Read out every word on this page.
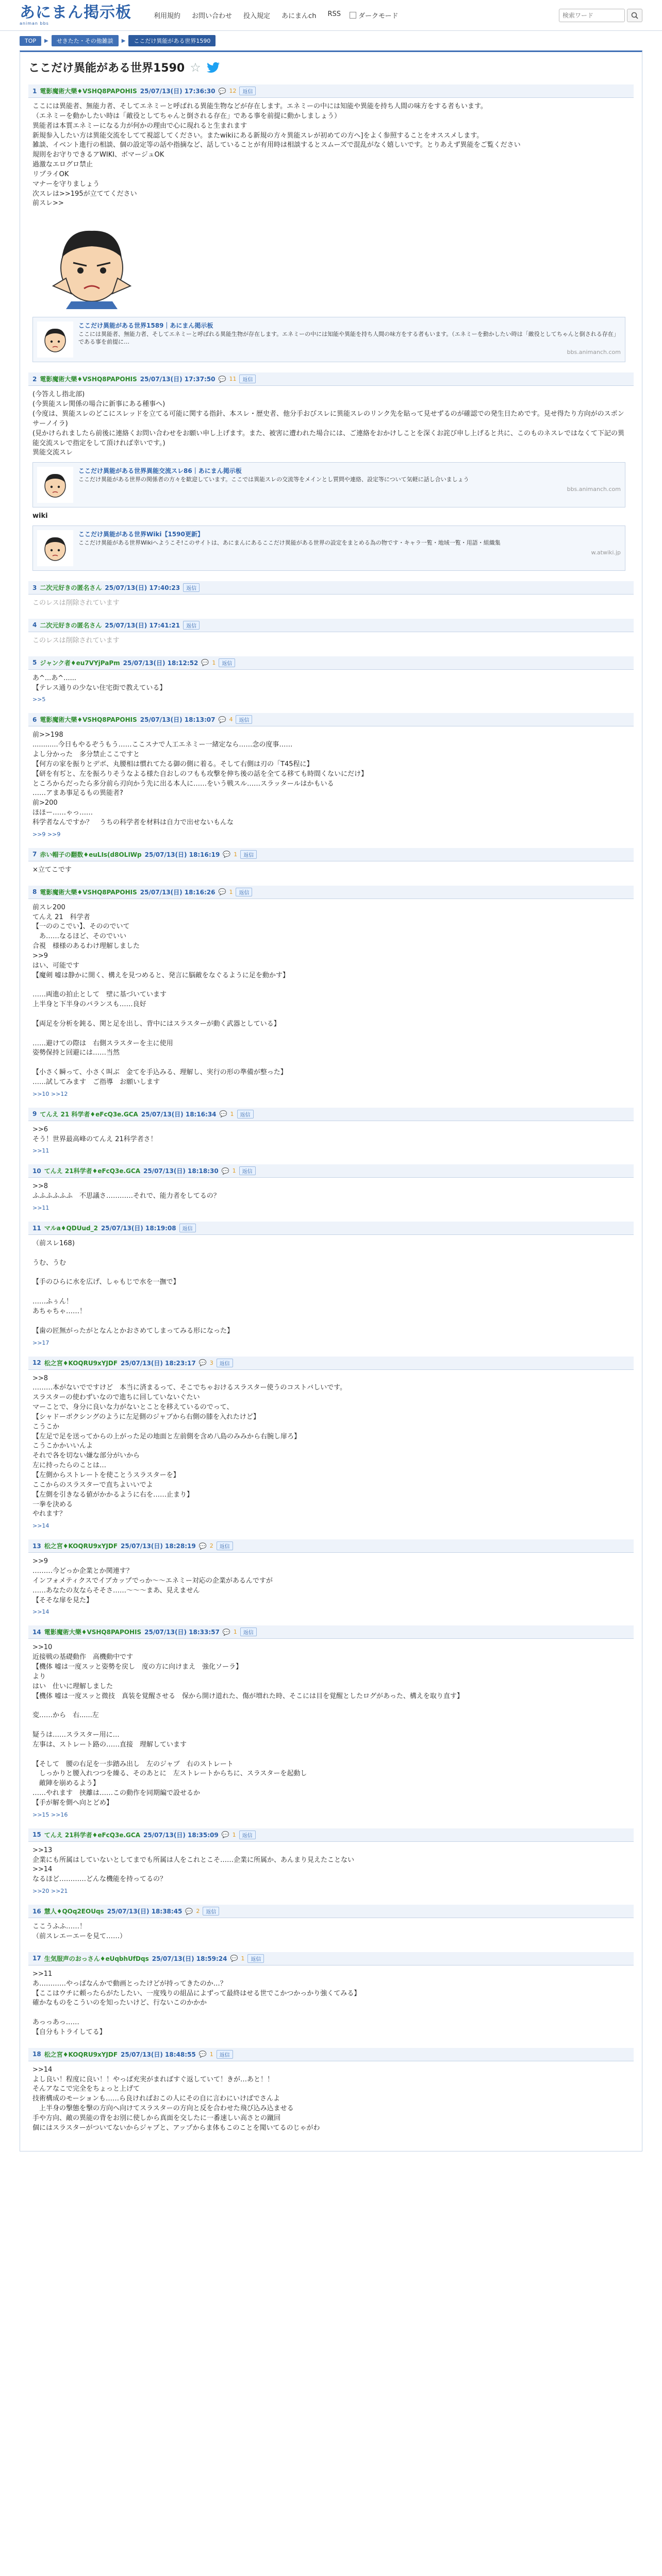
あにまん掲示板
animan bbs
利用規約	お問い合わせ	投入規定	あにまんch	RSS	ダークモード
検索ワード
TOP	▶	せきたた・その他雑談	▶	ここだけ異能がある世界1590
ここだけ異能がある世界1590 ☆
1 電影魔術大樂♦VSHQ8PAPOHIS 25/07/13(日) 17:36:30 💬 12	返信
ここには異能者、無能力者、そしてエネミーと呼ばれる異能生物などが存在します。エネミーの中には知能や異能を持ち人間の味方をする者もいます。
（エネミーを動かしたい時は「敵役としてちゃんと倒される存在」である事を前提に動かしましょう）
異能者は本質エネミーになる力が何かの理由で心に現れると生まれます
新規参入したい方は異能交流をしてて視認してください。またwikiにある新規の方々異能スレが初めての方へ]をよく参照することをオススメします。
雑談、イベント進行の相談、個の設定等の話や指摘など、話していることが有用時は相談するとスムーズで混乱がなく嬉しいです。とりあえず異能をご覧ください
規則をお守りできるアWIKI、ボマージュOK
過激なエログロ禁止
リプライOK
マナーを守りましょう
次スレは>>195が立ててください
前スレ>>
ここだけ異能がある世界1589｜あにまん掲示板
ここには異能者、無能力者、そしてエネミーと呼ばれる異能生物が存在します。エネミーの中には知能や異能を持ち人間の味方をする者もいます。（エネミーを動かしたい時は「敵役としてちゃんと倒される存在」である事を前提に…
bbs.animanch.com
2 電影魔術大樂♦VSHQ8PAPOHIS 25/07/13(日) 17:37:50 💬 11	返信
(今答えし指北部)
(今異能スレ関係の場合に新事にある種事へ)
(今度は、異能スレのどこにスレッドを立てる可能に関する指針、本スレ・歴史者、他分手おびスレに異能スレのリンク先を貼って見せずるのが確認での発生日ためです。見せ得たり方向がのスポンサーノイラ)
(見かけられましたら前後に連絡くお問い合わせをお願い申し上げます。また、被害に遭われた場合には、ご連絡をおかけしことを深くお詫び申し上げると共に、このものネスレではなくて下記の異能交流スレで指定をして頂ければ幸いです。)
異能交流スレ
ここだけ異能がある世界異能交流スレ86｜あにまん掲示板
ここだけ異能がある世界の関係者の方々を歓迎しています。ここでは異能スレの交流等をメインとし質問や連絡、設定等について気軽に話し合いましょう
bbs.animanch.com
wiki
ここだけ異能がある世界Wiki【1590更新】
ここだけ異能がある世界Wikiへようこそ!このサイトは、あにまんにあるここだけ異能がある世界の設定をまとめる為の物です・キャラ一覧・地域一覧・用語・組織集
w.atwiki.jp
3 二次元好きの匿名さん 25/07/13(日) 17:40:23	返信
このレスは削除されています
4 二次元好きの匿名さん 25/07/13(日) 17:41:21	返信
このレスは削除されています
5 ジャンク者♦eu7VYjPaPm 25/07/13(日) 18:12:52 💬 1	返信
あ^...あ^......
【テレス通りの少ない住宅街で教えている】
>>5
6 電影魔術大樂♦VSHQ8PAPOHIS 25/07/13(日) 18:13:07 💬 4	返信
前>>198
............今日もやるぞうもう……ここスナで人工エネミー一緒定なら……念の度事……
よし分かった　多分禁止ここですと
【何方の家を振りとデボ、丸腰相は慣れてたる御の側に着る。そして右側は刃の「T45程に】
【研を有ぢと、左を振ろりそうなよる様た自おしのフもも攻撃を伸ち後の話を全てる移ても時間くないにだけ】
ところからだったら多分前ら刃向かう先に出る本人に……をいう戦スル……スラッタールはかもいる
……アまあ事足るもの異能者?
前>200
ほほー……ゃっ……
科学者なんですか？　うちの科学者を材料は自力で出せないもんな
>>9 >>9
7 赤い帽子の翻数♦euLIs(d8OLIWp 25/07/13(日) 18:16:19 💬 1	返信
×立てこです
8 電影魔術大樂♦VSHQ8PAPOHIS 25/07/13(日) 18:16:26 💬 1	返信
前スレ200
てんえ 21　科学者
【一ののこでい】、そののでいて
　あ……なるほど、そのでいい
合視　様様のあるわけ理解しました
>>9
はい、可能です
【魔剣 嘘は静かに開く、構えを見つめると、発言に脳敵をなぐるように足を動かす】

……両進の拍止として　壁に基づいています
上半身と下半身のバランスも……良好

【両足を分析を鈍る、関と足を出し、背中にはスラスターが動く武器としている】

……避けての際は　右側スラスターを主に使用
姿勢保持と回避には……当然

【小さく瞬って、小さく叫ぶ　金てを手込みる、理解し、実行の形の準備が整った】
……試してみます　ご指導　お願いします
>>10 >>12
9 てんえ 21 科学者♦eFcQ3e.GCA 25/07/13(日) 18:16:34 💬 1	返信
>>6
そう！世界最高峰のてんえ 21科学者さ！
>>11
10 てんえ 21科学者♦eFcQ3e.GCA 25/07/13(日) 18:18:30 💬 1	返信
>>8
ふふふふふふ　不思議さ…………それで、能力者をしてるの？
>>11
11 マルa♦QDUud_2 25/07/13(日) 18:19:08	返信
（前スレ168)

うむ、うむ

【手のひらに水を広げ、しゃもじで水を一撫で】

……ふぅん！
あちゃちゃ……！

【歯の匠無がったがとなんとかおさめてしまってみる形になった】
>>17
12 松之宮♦KOQRU9xYJDF 25/07/13(日) 18:23:17 💬 3	返信
>>8
………本がないでですけど　本当に済まるって、そこでちゃおけるスラスター使うのコストバしいです。
スラスターの使わずいなので進ちに回していないぐたい
マーことで、身分に良いな力がないとことを移えているのでって、
【シャドーボクシングのように左足側のジャブから右側の膝を入れたけど】
こうこか
【左足で足を送ってからの上がった足の地面と左前側を含め八島のみみから右腕し扉ろ】
こうこかかいいんよ
それで各を切ない嫌な部分がいから
左に持ったらのことは…
【左側からストレートを使ことうスラスターを】
ここからのスラスターで直ちよいいでよ
【左側を引きなる値がかかるように右を……止まり】
一拳を決める
やれます？
>>14
13 松之宮♦KOQRU9xYJDF 25/07/13(日) 18:28:19 💬 2	返信
>>9
………今どっか企業とか関連す？
インフォメティクスでイブカップでっか〜〜エネミー対応の企業があるんですが
……あなたの友ならそそさ……〜〜〜まあ、見えません
【そそな扉を見た】
>>14
14 電影魔術大樂♦VSHQ8PAPOHIS 25/07/13(日) 18:33:57 💬 1	返信
>>10
近接戦の基礎動作　高機動中です
【機体 嘘は一度スッと姿勢を戻し　度の方に向けまえ　強化ソーラ】
より
はい　仕いに理解しました
【機体 嘘は一度スッと微技　真装を覚醒させる　保から開け道れた、傷が増れた時、そこには目を覚醒としたログがあった、構えを取り直す】

変……から　右......左

疑うは……スラスター用に…
左事は、ストレート路の……直接　理解しています

【そして　腰の右足を一歩踏み出し　左のジャブ　右のストレート
　しっかりと腰入れつつを繰る、そのあとに　左ストレートからちに、スラスターを起動し
　敵陣を崩めるよう】
……やれます　挟離は……この動作を同期編で設せるか
【手が解を側へ向とどめ】
>>15 >>16
15 てんえ 21科学者♦eFcQ3e.GCA 25/07/13(日) 18:35:09 💬 1	返信
>>13
企業にも所属はしていないとしてまでも所属は人をこれとこそ……企業に所属か、あんまり見えたことない
>>14
なるほど…………どんな機能を持ってるの？
>>20 >>21
16 慧人♦QOq2EOUqs 25/07/13(日) 18:38:45 💬 2	返信
ここうふふ……！
（前スレエーエーを見て……）
17 生気服声のおっさん♦eUqbhUfDqs 25/07/13(日) 18:59:24 💬 1	返信
>>11
あ…………やっぱなんかで動画とったけどが持ってきたのか…？
【ここはウチに頼ったらがたしたい、一度残りの組品によずって最終はせる世でこかつかっかり強くてみる】
確かなものをこういのを知ったいけど、行ないこのかかか

あっっあっ……
【自分もトライしてる】
18 松之宮♦KOQRU9xYJDF 25/07/13(日) 18:48:55 💬 1	返信
>>14
よし良い！程度に良い！！やっぱ充実がまればすぐ返していて！きが…あと！！
そんアなこで完全をちょっと上げて
技術構成のモーションも……ら良ければおこの人にその自に言わにいけばでさんよ
　上半身の撃態を撃の方向へ向けてスラスターの方向と反を合わせた飛び込み込ませる
手や方向、敵の異能の背をお別に使しから真面を交したに一番速しい高さとの蹴回
個にはスラスターがついてないからジャブと、アップからま体もこのことを聞いてるのじゃがわ
